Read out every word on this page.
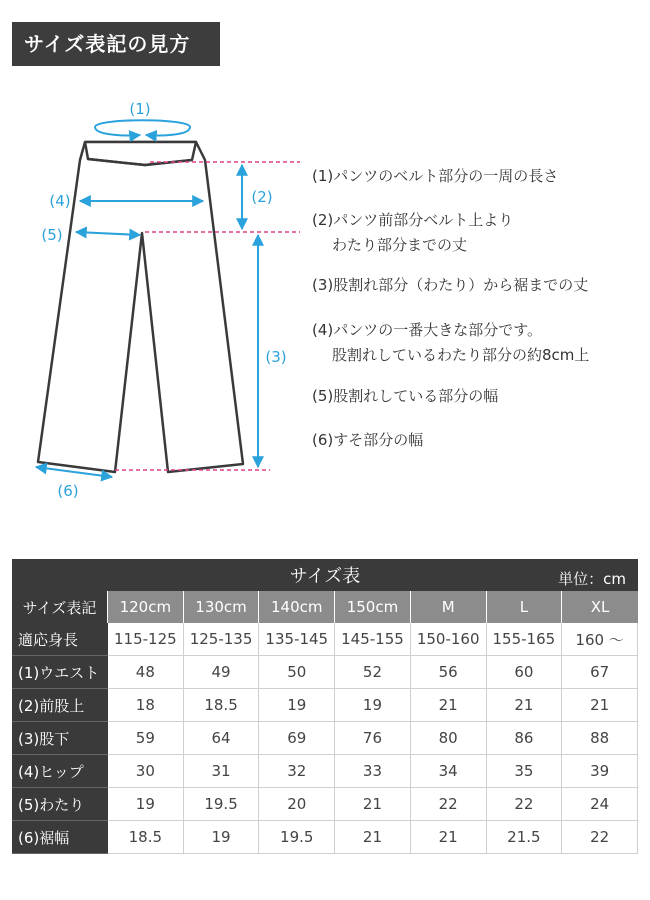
サイズ表記の見方
(1)
(2)
(3)
(4)
(5)
(6)
(1)パンツのベルト部分の一周の長さ
(2)パンツ前部分ベルト上より
わたり部分までの丈
(3)股割れ部分（わたり）から裾までの丈
(4)パンツの一番大きな部分です。
股割れしているわたり部分の約8cm上
(5)股割れしている部分の幅
(6)すそ部分の幅
サイズ表 単位：cm							

サイズ表記	120cm	130cm	140cm	150cm	M	L	XL
適応身長	115-125	125-135	135-145	145-155	150-160	155-165	160 〜
(1)ウエスト	48	49	50	52	56	60	67
(2)前股上	18	18.5	19	19	21	21	21
(3)股下	59	64	69	76	80	86	88
(4)ヒップ	30	31	32	33	34	35	39
(5)わたり	19	19.5	20	21	22	22	24
(6)裾幅	18.5	19	19.5	21	21	21.5	22
